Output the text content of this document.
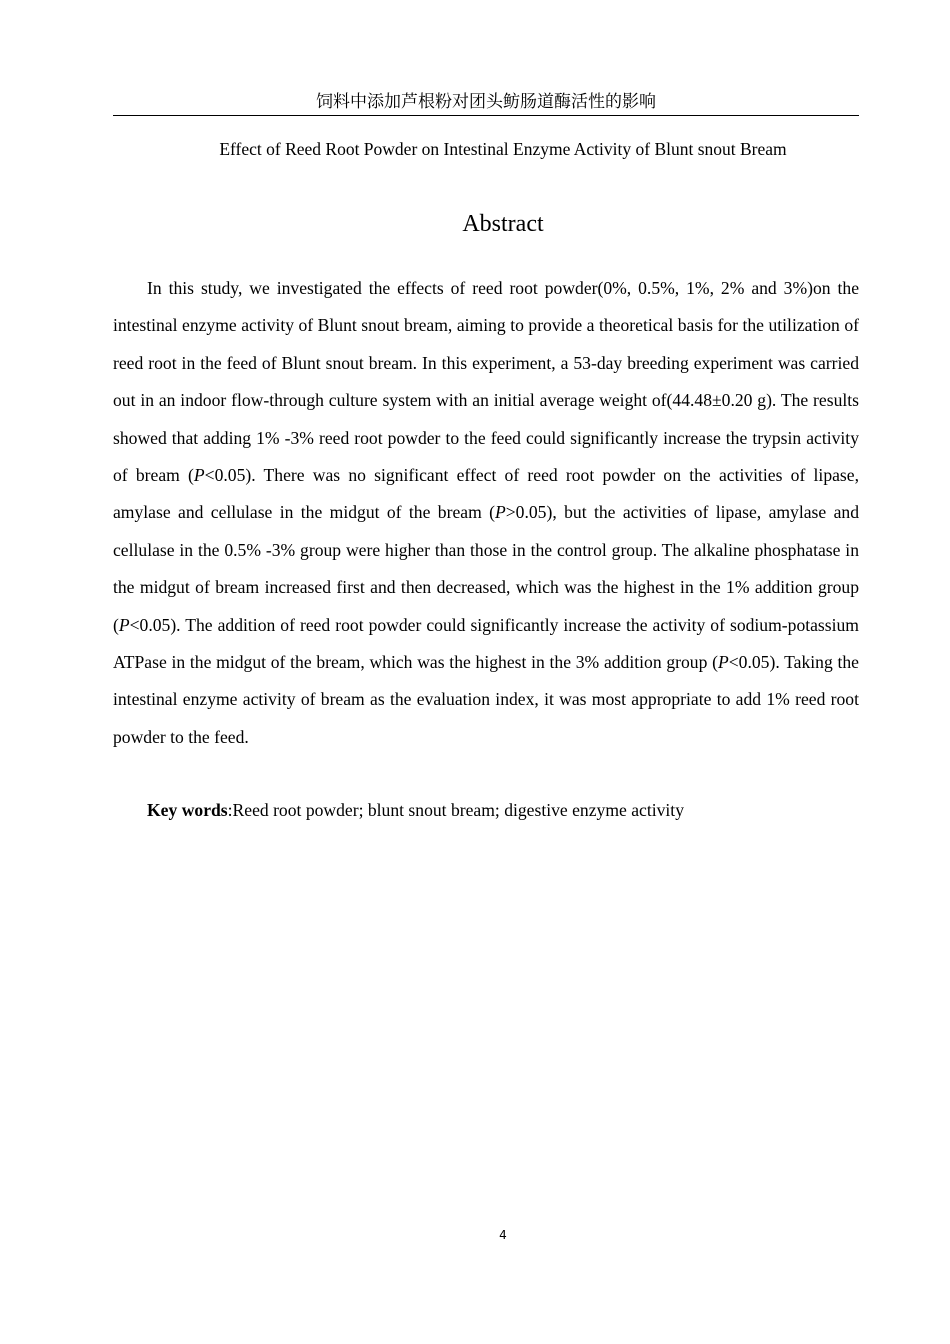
饲料中添加芦根粉对团头鲂肠道酶活性的影响
Effect of Reed Root Powder on Intestinal Enzyme Activity of Blunt snout Bream
Abstract

In this study, we investigated the effects of reed root powder(0%, 0.5%, 1%, 2% and 3%)on the intestinal enzyme activity of Blunt snout bream, aiming to provide a theoretical basis for the utilization of reed root in the feed of Blunt snout bream. In this experiment, a 53-day breeding experiment was carried out in an indoor flow-through culture system with an initial average weight of(44.48±0.20 g). The results showed that adding 1% -3% reed root powder to the feed could significantly increase the trypsin activity of bream (P<0.05). There was no significant effect of reed root powder on the activities of lipase, amylase and cellulase in the midgut of the bream (P>0.05), but the activities of lipase, amylase and cellulase in the 0.5% -3% group were higher than those in the control group. The alkaline phosphatase in the midgut of bream increased first and then decreased, which was the highest in the 1% addition group (P<0.05). The addition of reed root powder could significantly increase the activity of sodium-potassium ATPase in the midgut of the bream, which was the highest in the 3% addition group (P<0.05). Taking the intestinal enzyme activity of bream as the evaluation index, it was most appropriate to add 1% reed root powder to the feed.

Key words:Reed root powder; blunt snout bream; digestive enzyme activity

4
